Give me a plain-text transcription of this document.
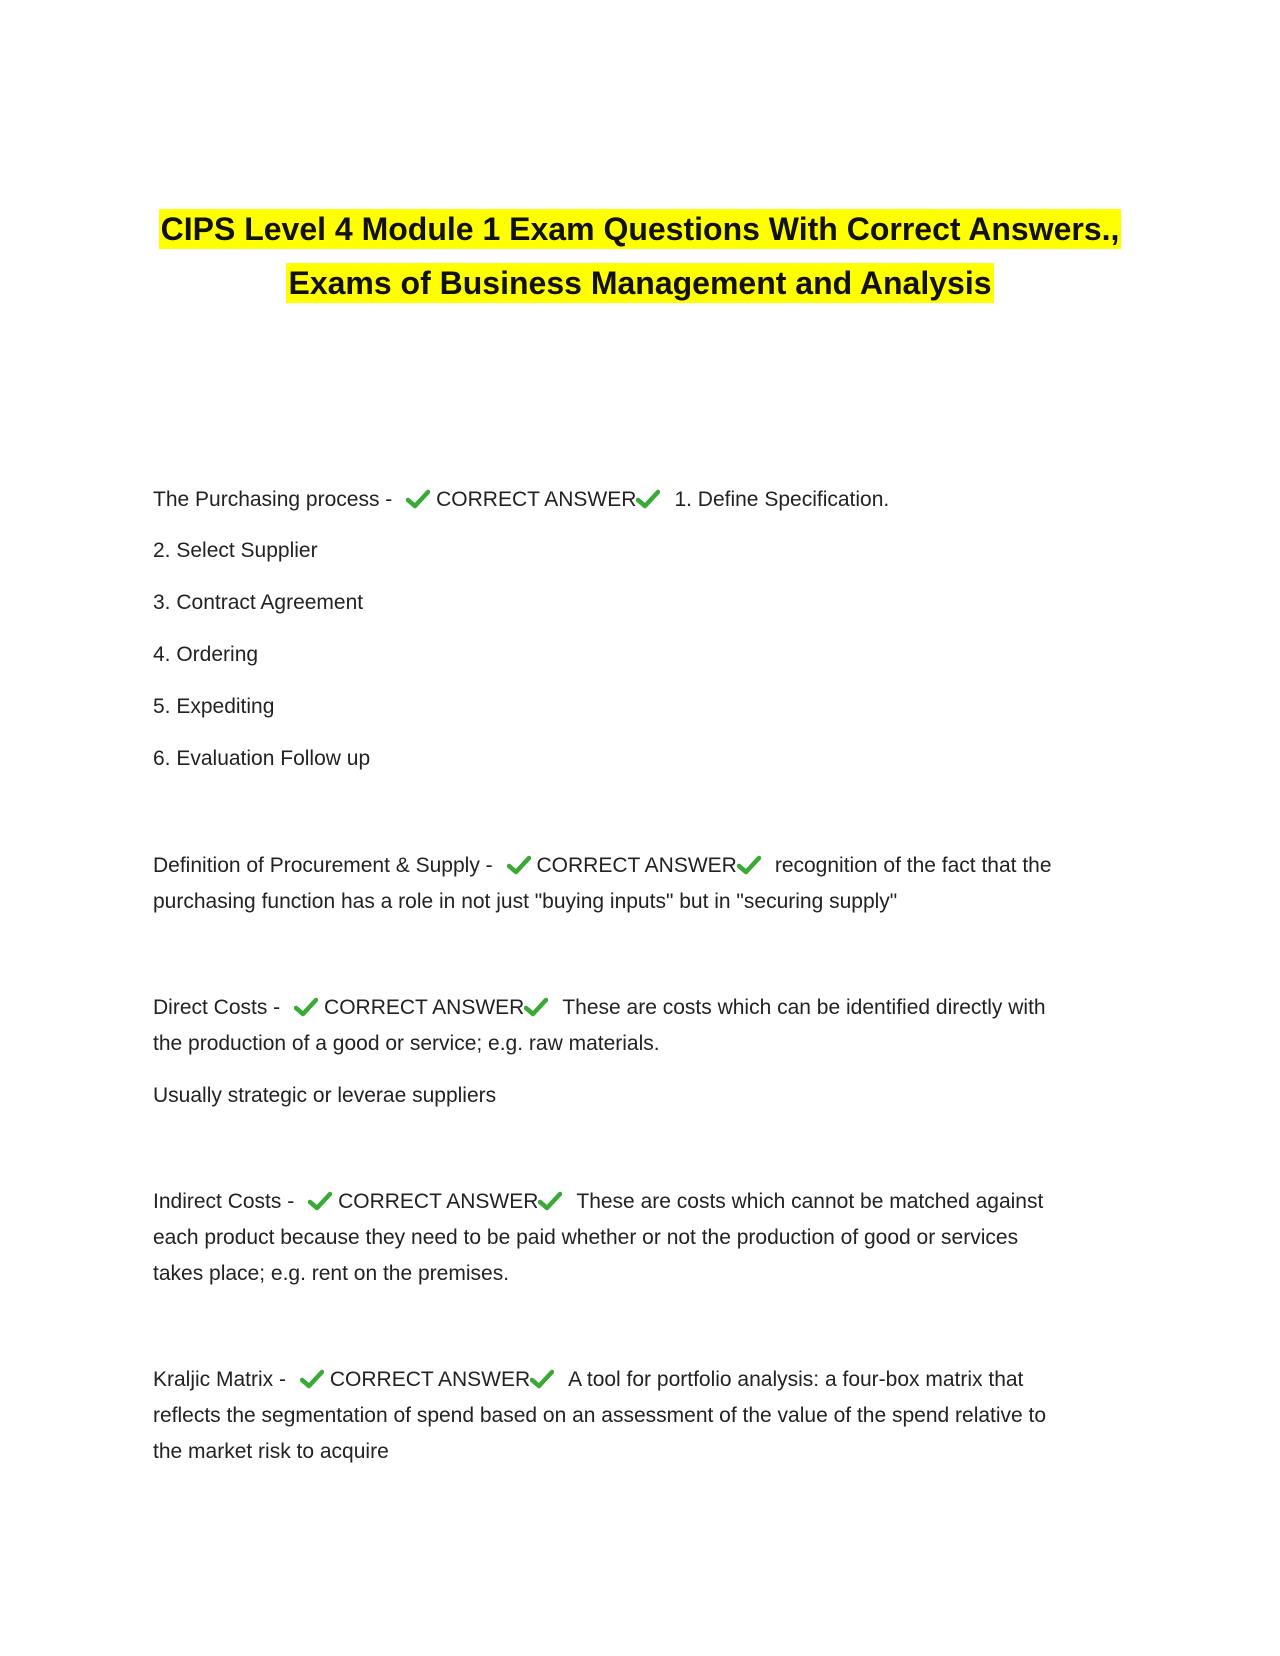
CIPS Level 4 Module 1 Exam Questions With Correct Answers.,
Exams of Business Management and Analysis
The Purchasing process - CORRECT ANSWER 1. Define Specification.
2. Select Supplier
3. Contract Agreement
4. Ordering
5. Expediting
6. Evaluation Follow up
Definition of Procurement & Supply - CORRECT ANSWER recognition of the fact that the
purchasing function has a role in not just "buying inputs" but in "securing supply"
Direct Costs - CORRECT ANSWER These are costs which can be identified directly with
the production of a good or service; e.g. raw materials.
Usually strategic or leverae suppliers
Indirect Costs - CORRECT ANSWER These are costs which cannot be matched against
each product because they need to be paid whether or not the production of good or services
takes place; e.g. rent on the premises.
Kraljic Matrix - CORRECT ANSWER A tool for portfolio analysis: a four-box matrix that
reflects the segmentation of spend based on an assessment of the value of the spend relative to
the market risk to acquire
